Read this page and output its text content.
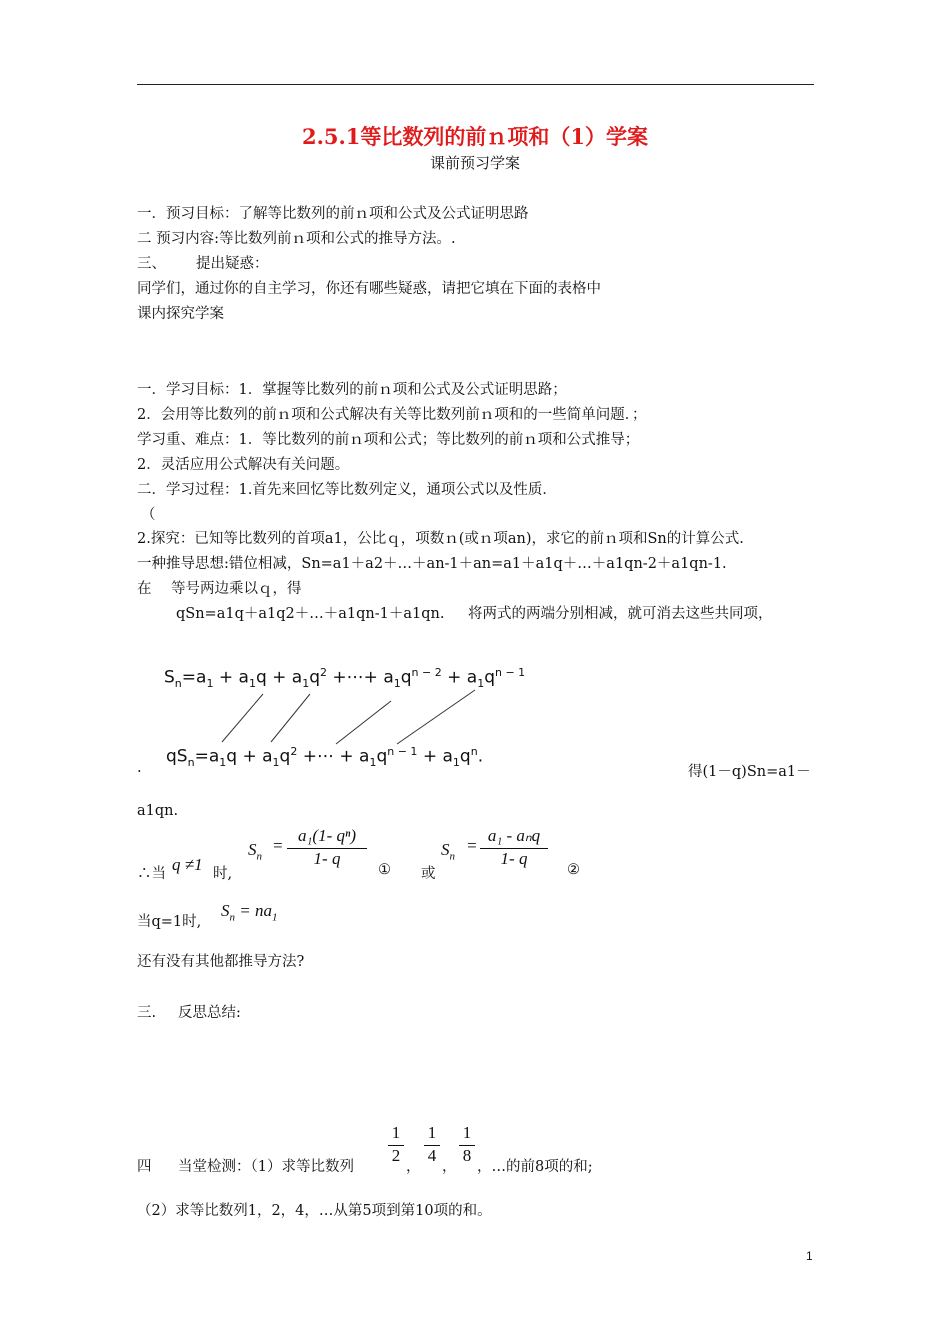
2.5.1等比数列的前ｎ项和（1）学案
课前预习学案
一．预习目标：了解等比数列的前ｎ项和公式及公式证明思路
二 预习内容:等比数列前ｎ项和公式的推导方法。.
三、 提出疑惑：
同学们，通过你的自主学习，你还有哪些疑惑，请把它填在下面的表格中
课内探究学案
一．学习目标：1．掌握等比数列的前ｎ项和公式及公式证明思路；
2．会用等比数列的前ｎ项和公式解决有关等比数列前ｎ项和的一些简单问题．；
学习重、难点：1．等比数列的前ｎ项和公式；等比数列的前ｎ项和公式推导；
2．灵活应用公式解决有关问题。
二．学习过程：1.首先来回忆等比数列定义，通项公式以及性质．
（
2.探究：已知等比数列的首项a1，公比ｑ，项数ｎ(或ｎ项an)，求它的前ｎ项和Sn的计算公式.
一种推导思想:错位相减，Sn=a1＋a2＋…＋an-1＋an=a1＋a1q＋…＋a1qn-2＋a1qn-1.
在 等号两边乘以ｑ，得
qSn=a1q＋a1q2＋…＋a1qn-1＋a1qn. 将两式的两端分别相减，就可消去这些共同项，
$S_n=a_1 + a_1q + a_1q^2$ +⋯+ $a_1q^{n - 2} + a_1q^{n - 1}$
$qS_n=a_1q + a_1q^2$ +⋯ + $a_1q^{n - 1} + a_1q^n$.
.	得(1－q)Sn=a1－
a1qn.
∴当 q ≠1 时,
$S_n$
= $\frac{\text{a₁(1- qⁿ)}}{1- q}$
① 或
$S_n$
=
a₁ - aₙq
1- q
②
当q=1时,
$S_n = na_1$
还有没有其他都推导方法?
三. 反思总结:
四 当堂检测：（1）求等比数列
$\frac{1}{2}$
，
$\frac{1}{4}$
，
$\frac{1}{8}$
，…的前8项的和;
（2）求等比数列1，2，4，…从第5项到第10项的和。
1
